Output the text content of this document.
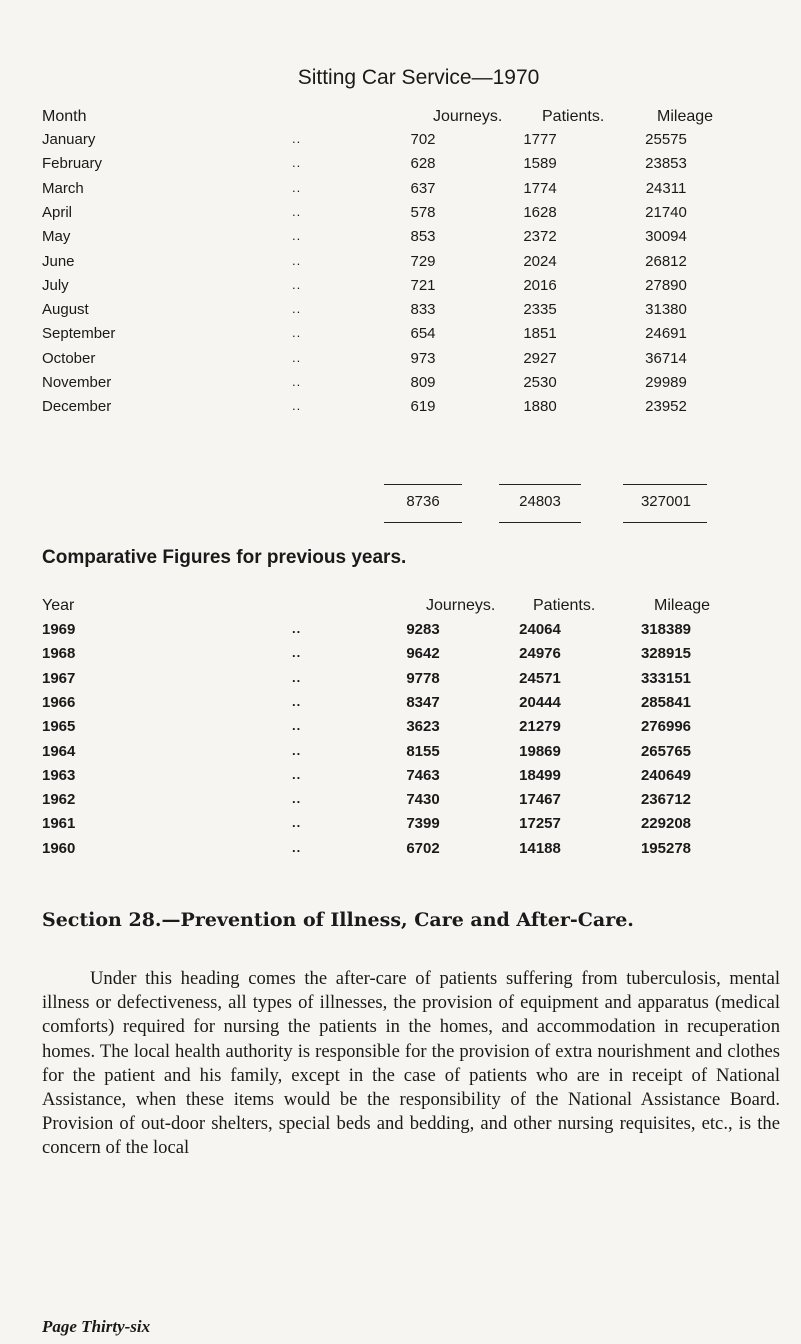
Sitting Car Service—1970
Month	Journeys. Patients.	Mileage
January	..	702	1777	25575
February	..	628	1589	23853
March	..	637	1774	24311
April	..	578	1628	21740
May	..	853	2372	30094
June	..	729	2024	26812
July	..	721	2016	27890
August	..	833	2335	31380
September	..	654	1851	24691
October	..	973	2927	36714
November	..	809	2530	29989
December	..	619	1880	23952
8736	24803	327001
Comparative Figures for previous years.
Year	Journeys. Patients.	Mileage
1969	..	9283	24064	318389
1968	..	9642	24976	328915
1967	..	9778	24571	333151
1966	..	8347	20444	285841
1965	..	3623	21279	276996
1964	..	8155	19869	265765
1963	..	7463	18499	240649
1962	..	7430	17467	236712
1961	..	7399	17257	229208
1960	..	6702	14188	195278
Section 28.—Prevention of Illness, Care and After-Care.
Under this heading comes the after-care of patients suffering from tuberculosis, mental illness or defectiveness, all types of illnesses, the provision of equipment and apparatus (medical comforts) required for nursing the patients in the homes, and accommodation in recuperation homes. The local health authority is responsible for the provision of extra nourishment and clothes for the patient and his family, except in the case of patients who are in receipt of National Assistance, when these items would be the responsibility of the National Assistance Board. Provision of out-door shelters, special beds and bedding, and other nursing requisites, etc., is the concern of the local
Page Thirty-six
